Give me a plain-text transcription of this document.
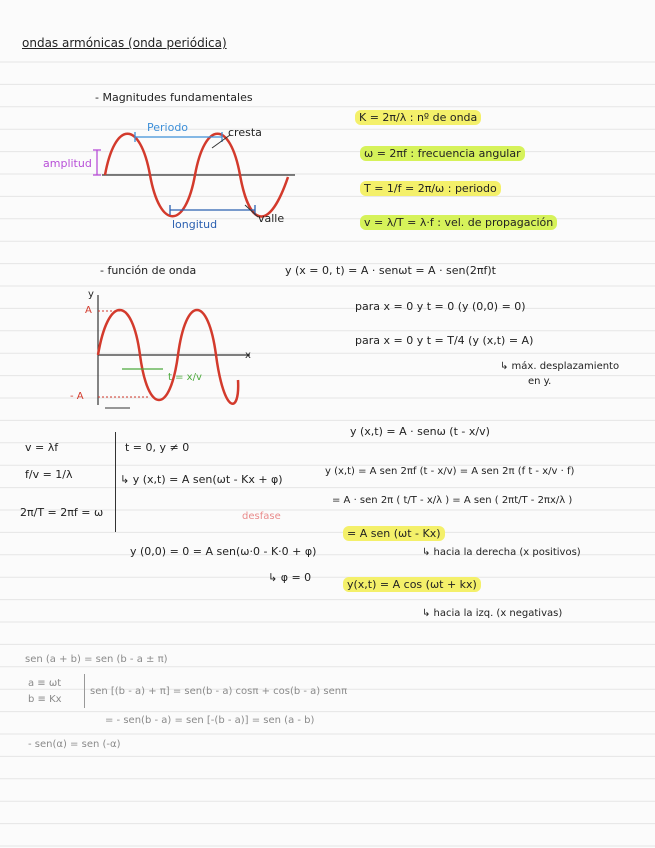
ondas armónicas (onda periódica)
- Magnitudes fundamentales
Periodo	cresta
amplitud
longitud	valle
K = 2π/λ : nº de onda
ω = 2πf : frecuencia angular
T = 1/f = 2π/ω : periodo
v = λ/T = λ·f : vel. de propagación
- función de onda	y (x = 0, t) = A · senωt = A · sen(2πf)t
y
x
A
- A
t = x/v
para x = 0 y t = 0 (y (0,0) = 0)
para x = 0 y t = T/4 (y (x,t) = A)
↳ máx. desplazamiento
en y.
v = λf
f/v = 1/λ
2π/T = 2πf = ω
t = 0, y ≠ 0
↳ y (x,t) = A sen(ωt - Kx + φ)
desfase
y (0,0) = 0 = A sen(ω·0 - K·0 + φ)
↳ φ = 0
y (x,t) = A · senω (t - x/v)
y (x,t) = A sen 2πf (t - x/v) = A sen 2π (f t - x/v · f)
= A · sen 2π ( t/T - x/λ ) = A sen ( 2πt/T - 2πx/λ )
= A sen (ωt - Kx)
↳ hacia la derecha (x positivos)
y(x,t) = A cos (ωt + kx)
↳ hacia la izq. (x negativas)
sen (a + b) = sen (b - a ± π)
a ≡ ωt
b ≡ Kx
sen [(b - a) + π] = sen(b - a) cosπ + cos(b - a) senπ
= - sen(b - a) = sen [-(b - a)] = sen (a - b)
- sen(α) = sen (-α)
